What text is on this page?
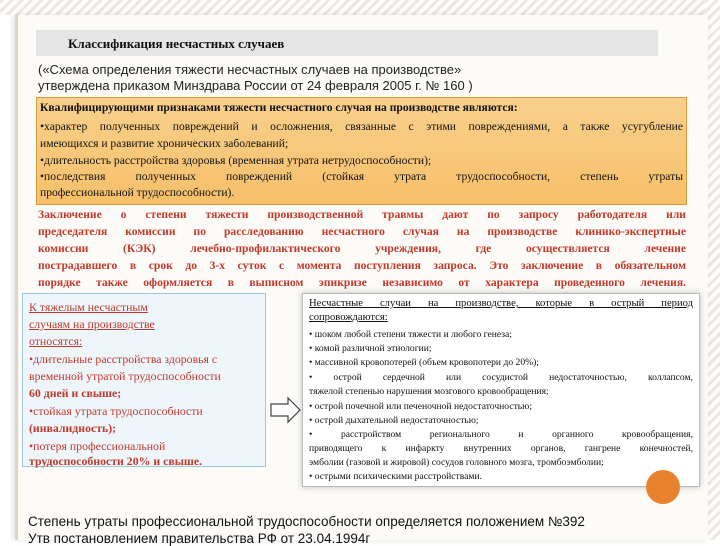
Классификация несчастных случаев
(«Схема определения тяжести несчастных случаев на производстве»
утверждена приказом Минздрава России от 24 февраля 2005 г. № 160 )
Квалифицирующими признаками тяжести несчастного случая на производстве являются:
•характер полученных повреждений и осложнения, связанные с этими повреждениями, а также усугубление
имеющихся и развитие хронических заболеваний;
•длительность расстройства здоровья (временная утрата нетрудоспособности);
•последствия полученных повреждений (стойкая утрата трудоспособности, степень утраты
профессиональной трудоспособности).
Заключение о степени тяжести производственной травмы дают по запросу работодателя или
председателя комиссии по расследованию несчастного случая на производстве клинико-экспертные
комиссии (КЭК) лечебно-профилактического учреждения, где осуществляется лечение
пострадавшего в срок до 3-х суток с момента поступления запроса. Это заключение в обязательном
порядке также оформляется в выписном эпикризе независимо от характера проведенного лечения.
К тяжелым несчастным
случаям на производстве
относятся:
•длительные расстройства здоровья с
временной утратой трудоспособности
60 дней и свыше;
•стойкая утрата трудоспособности
(инвалидность);
•потеря профессиональной
трудоспособности 20% и свыше.
Несчастные случаи на производстве, которые в острый период
сопровождаются:
• шоком любой степени тяжести и любого генеза;
• комой различной этиологии;
• массивной кровопотерей (объем кровопотери до 20%);
• острой сердечной или сосудистой недостаточностью, коллапсом,
тяжелой степенью нарушения мозгового кровообращения;
• острой почечной или печеночной недостаточностью;
• острой дыхательной недостаточностью;
• расстройством регионального и органного кровообращения,
приводящего к инфаркту внутренних органов, гангрене конечностей,
эмболии (газовой и жировой) сосудов головного мозга, тромбоэмболии;
• острыми психическими расстройствами.
Степень утраты профессиональной трудоспособности определяется положением №392
Утв постановлением правительства РФ от 23.04.1994г
